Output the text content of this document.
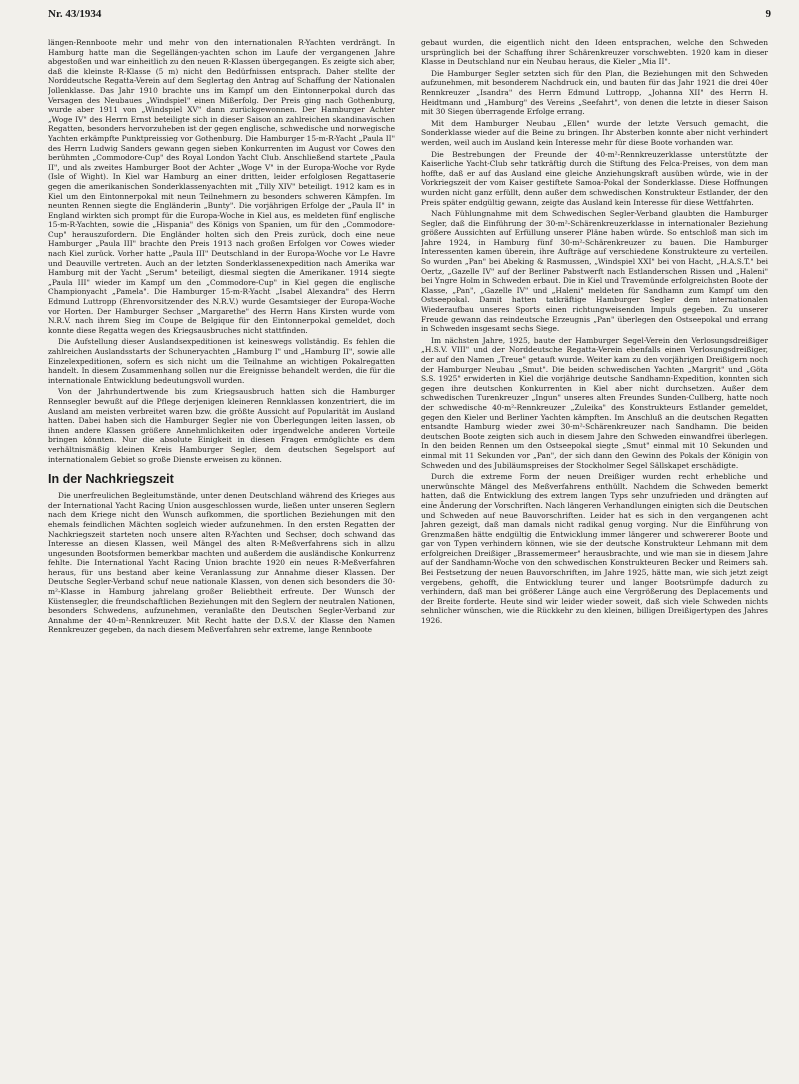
Nr. 43/1934	9

längen-Rennboote mehr und mehr von den internationalen R-Yachten verdrängt. In Hamburg hatte man die Segellängen-yachten schon im Laufe der vergangenen Jahre abgestoßen und war einheitlich zu den neuen R-Klassen übergegangen. Es zeigte sich aber, daß die kleinste R-Klasse (5 m) nicht den Bedürfnissen entsprach. Daher stellte der Norddeutsche Regatta-Verein auf dem Seglertag den Antrag auf Schaffung der Nationalen Jollenklasse. Das Jahr 1910 brachte uns im Kampf um den Eintonnerpokal durch das Versagen des Neubaues „Windspiel" einen Mißerfolg. Der Preis ging nach Gothenburg, wurde aber 1911 von „Windspiel XV" dann zurückgewonnen. Der Hamburger Achter „Woge IV" des Herrn Ernst beteiligte sich in dieser Saison an zahlreichen skandinavischen Regatten, besonders hervorzuheben ist der gegen englische, schwedische und norwegische Yachten erkämpfte Punktpreissieg vor Gothenburg. Die Hamburger 15-m-R-Yacht „Paula II" des Herrn Ludwig Sanders gewann gegen sieben Konkurrenten im August vor Cowes den berühmten „Commodore-Cup" des Royal London Yacht Club. Anschließend startete „Paula II", und als zweites Hamburger Boot der Achter „Woge V" in der Europa-Woche vor Ryde (Isle of Wight). In Kiel war Hamburg an einer dritten, leider erfolglosen Regattaserie gegen die amerikanischen Sonderklassenyachten mit „Tilly XIV" beteiligt. 1912 kam es in Kiel um den Eintonnerpokal mit neun Teilnehmern zu besonders schweren Kämpfen. Im neunten Rennen siegte die Engländerin „Bunty". Die vorjährigen Erfolge der „Paula II" in England wirkten sich prompt für die Europa-Woche in Kiel aus, es meldeten fünf englische 15-m-R-Yachten, sowie die „Hispania" des Königs von Spanien, um für den „Commodore-Cup" herauszufordern. Die Engländer holten sich den Preis zurück, doch eine neue Hamburger „Paula III" brachte den Preis 1913 nach großen Erfolgen vor Cowes wieder nach Kiel zurück. Vorher hatte „Paula III" Deutschland in der Europa-Woche vor Le Havre und Deauville vertreten. Auch an der letzten Sonderklassenexpedition nach Amerika war Hamburg mit der Yacht „Serum" beteiligt, diesmal siegten die Amerikaner. 1914 siegte „Paula III" wieder im Kampf um den „Commodore-Cup" in Kiel gegen die englische Championyacht „Pamela". Die Hamburger 15-m-R-Yacht „Isabel Alexandra" des Herrn Edmund Luttropp (Ehrenvorsitzender des N.R.V.) wurde Gesamtsieger der Europa-Woche vor Horten. Der Hamburger Sechser „Margarethe" des Herrn Hans Kirsten wurde vom N.R.V. nach ihrem Sieg im Coupe de Belgique für den Eintonnerpokal gemeldet, doch konnte diese Regatta wegen des Kriegsausbruches nicht stattfinden.

Die Aufstellung dieser Auslandsexpeditionen ist keineswegs vollständig. Es fehlen die zahlreichen Auslandsstarts der Schuneryachten „Hamburg I" und „Hamburg II", sowie alle Einzelexpeditionen, sofern es sich nicht um die Teilnahme an wichtigen Pokalregatten handelt. In diesem Zusammenhang sollen nur die Ereignisse behandelt werden, die für die internationale Entwicklung bedeutungsvoll wurden.

Von der Jahrhundertwende bis zum Kriegsausbruch hatten sich die Hamburger Rennsegler bewußt auf die Pflege derjenigen kleineren Rennklassen konzentriert, die im Ausland am meisten verbreitet waren bzw. die größte Aussicht auf Popularität im Ausland hatten. Dabei haben sich die Hamburger Segler nie von Überlegungen leiten lassen, ob ihnen andere Klassen größere Annehmlichkeiten oder irgendwelche anderen Vorteile bringen könnten. Nur die absolute Einigkeit in diesen Fragen ermöglichte es dem verhältnismäßig kleinen Kreis Hamburger Segler, dem deutschen Segelsport auf internationalem Gebiet so große Dienste erweisen zu können.

In der Nachkriegszeit

Die unerfreulichen Begleitumstände, unter denen Deutschland während des Krieges aus der International Yacht Racing Union ausgeschlossen wurde, ließen unter unseren Seglern nach dem Kriege nicht den Wunsch aufkommen, die sportlichen Beziehungen mit den ehemals feindlichen Mächten sogleich wieder aufzunehmen. In den ersten Regatten der Nachkriegszeit starteten noch unsere alten R-Yachten und Sechser, doch schwand das Interesse an diesen Klassen, weil Mängel des alten R-Meßverfahrens sich in allzu ungesunden Bootsformen bemerkbar machten und außerdem die ausländische Konkurrenz fehlte. Die International Yacht Racing Union brachte 1920 ein neues R-Meßverfahren heraus, für uns bestand aber keine Veranlassung zur Annahme dieser Klassen. Der Deutsche Segler-Verband schuf neue nationale Klassen, von denen sich besonders die 30-m²-Klasse in Hamburg jahrelang großer Beliebtheit erfreute. Der Wunsch der Küstensegler, die freundschaftlichen Beziehungen mit den Seglern der neutralen Nationen, besonders Schwedens, aufzunehmen, veranlaßte den Deutschen Segler-Verband zur Annahme der 40-m²-Rennkreuzer. Mit Recht hatte der D.S.V. der Klasse den Namen Rennkreuzer gegeben, da nach diesem Meßverfahren sehr extreme, lange Rennboote

gebaut wurden, die eigentlich nicht den Ideen entsprachen, welche den Schweden ursprünglich bei der Schaffung ihrer Schärenkreuzer vorschwebten. 1920 kam in dieser Klasse in Deutschland nur ein Neubau heraus, die Kieler „Mia II".

Die Hamburger Segler setzten sich für den Plan, die Beziehungen mit den Schweden aufzunehmen, mit besonderem Nachdruck ein, und bauten für das Jahr 1921 die drei 40er Rennkreuzer „Isandra" des Herrn Edmund Luttropp, „Johanna XII" des Herrn H. Heidtmann und „Hamburg" des Vereins „Seefahrt", von denen die letzte in dieser Saison mit 30 Siegen überragende Erfolge errang.

Mit dem Hamburger Neubau „Ellen" wurde der letzte Versuch gemacht, die Sonderklasse wieder auf die Beine zu bringen. Ihr Absterben konnte aber nicht verhindert werden, weil auch im Ausland kein Interesse mehr für diese Boote vorhanden war.

Die Bestrebungen der Freunde der 40-m²-Rennkreuzerklasse unterstützte der Kaiserliche Yacht-Club sehr tatkräftig durch die Stiftung des Felca-Preises, von dem man hoffte, daß er auf das Ausland eine gleiche Anziehungskraft ausüben würde, wie in der Vorkriegszeit der vom Kaiser gestiftete Samoa-Pokal der Sonderklasse. Diese Hoffnungen wurden nicht ganz erfüllt, denn außer dem schwedischen Konstrukteur Estlander, der den Preis später endgültig gewann, zeigte das Ausland kein Interesse für diese Wettfahrten.

Nach Fühlungnahme mit dem Schwedischen Segler-Verband glaubten die Hamburger Segler, daß die Einführung der 30-m²-Schärenkreuzerklasse in internationaler Beziehung größere Aussichten auf Erfüllung unserer Pläne haben würde. So entschloß man sich im Jahre 1924, in Hamburg fünf 30-m²-Schärenkreuzer zu bauen. Die Hamburger Interessenten kamen überein, ihre Aufträge auf verschiedene Konstrukteure zu verteilen. So wurden „Pan" bei Abeking & Rasmussen, „Windspiel XXI" bei von Hacht, „H.A.S.T." bei Oertz, „Gazelle IV" auf der Berliner Pabstwerft nach Estlanderschen Rissen und „Haleni" bei Yngre Holm in Schweden erbaut. Die in Kiel und Travemünde erfolgreichsten Boote der Klasse, „Pan", „Gazelle IV" und „Haleni" meldeten für Sandhamn zum Kampf um den Ostseepokal. Damit hatten tatkräftige Hamburger Segler dem internationalen Wiederaufbau unseres Sports einen richtungweisenden Impuls gegeben. Zu unserer Freude gewann das reindeutsche Erzeugnis „Pan" überlegen den Ostseepokal und errang in Schweden insgesamt sechs Siege.

Im nächsten Jahre, 1925, baute der Hamburger Segel-Verein den Verlosungsdreißiger „H.S.V. VIII" und der Norddeutsche Regatta-Verein ebenfalls einen Verlosungsdreißiger, der auf den Namen „Treue" getauft wurde. Weiter kam zu den vorjährigen Dreißigern noch der Hamburger Neubau „Smut". Die beiden schwedischen Yachten „Margrit" und „Göta S.S. 1925" erwiderten in Kiel die vorjährige deutsche Sandhamn-Expedition, konnten sich gegen ihre deutschen Konkurrenten in Kiel aber nicht durchsetzen. Außer dem schwedischen Turenkreuzer „Ingun" unseres alten Freundes Sunden-Cullberg, hatte noch der schwedische 40-m²-Rennkreuzer „Zuleika" des Konstrukteurs Estlander gemeldet, gegen den Kieler und Berliner Yachten kämpften. Im Anschluß an die deutschen Regatten entsandte Hamburg wieder zwei 30-m²-Schärenkreuzer nach Sandhamn. Die beiden deutschen Boote zeigten sich auch in diesem Jahre den Schweden einwandfrei überlegen. In den beiden Rennen um den Ostseepokal siegte „Smut" einmal mit 10 Sekunden und einmal mit 11 Sekunden vor „Pan", der sich dann den Gewinn des Pokals der Königin von Schweden und des Jubiläumspreises der Stockholmer Segel Sällskapet erschädigte.

Durch die extreme Form der neuen Dreißiger wurden recht erhebliche und unerwünschte Mängel des Meßverfahrens enthüllt. Nachdem die Schweden bemerkt hatten, daß die Entwicklung des extrem langen Typs sehr unzufrieden und drängten auf eine Änderung der Vorschriften. Nach längeren Verhandlungen einigten sich die Deutschen und Schweden auf neue Bauvorschriften. Leider hat es sich in den vergangenen acht Jahren gezeigt, daß man damals nicht radikal genug vorging. Nur die Einführung von Grenzmaßen hätte endgültig die Entwicklung immer längerer und schwererer Boote und gar von Typen verhindern können, wie sie der deutsche Konstrukteur Lehmann mit dem erfolgreichen Dreißiger „Brassemermeer" herausbrachte, und wie man sie in diesem Jahre auf der Sandhamn-Woche von den schwedischen Konstrukteuren Becker und Reimers sah. Bei Festsetzung der neuen Bauvorschriften, im Jahre 1925, hätte man, wie sich jetzt zeigt vergebens, gehofft, die Entwicklung teurer und langer Bootsrümpfe dadurch zu verhindern, daß man bei größerer Länge auch eine Vergrößerung des Deplacements und der Breite forderte. Heute sind wir leider wieder soweit, daß sich viele Schweden nichts sehnlicher wünschen, wie die Rückkehr zu den kleinen, billigen Dreißigertypen des Jahres 1926.
